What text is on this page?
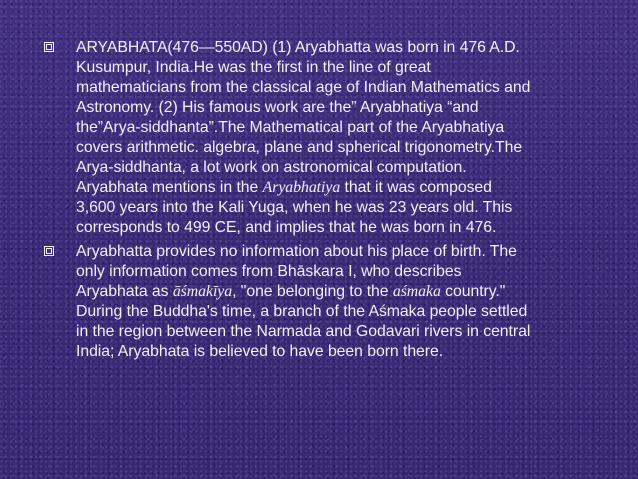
ARYABHATA(476—550AD) (1) Aryabhatta was born in 476 A.D.
Kusumpur, India.He was the first in the line of great
mathematicians from the classical age of Indian Mathematics and
Astronomy. (2) His famous work are the” Aryabhatiya “and
the”Arya-siddhanta”.The Mathematical part of the Aryabhatiya
covers arithmetic. algebra, plane and spherical trigonometry.The
Arya-siddhanta, a lot work on astronomical computation.
Aryabhata mentions in the Aryabhatiya that it was composed
3,600 years into the Kali Yuga, when he was 23 years old. This
corresponds to 499 CE, and implies that he was born in 476.
Aryabhatta provides no information about his place of birth. The
only information comes from Bhāskara I, who describes
Aryabhata as āśmakīya, "one belonging to the aśmaka country."
During the Buddha's time, a branch of the Aśmaka people settled
in the region between the Narmada and Godavari rivers in central
India; Aryabhata is believed to have been born there.
